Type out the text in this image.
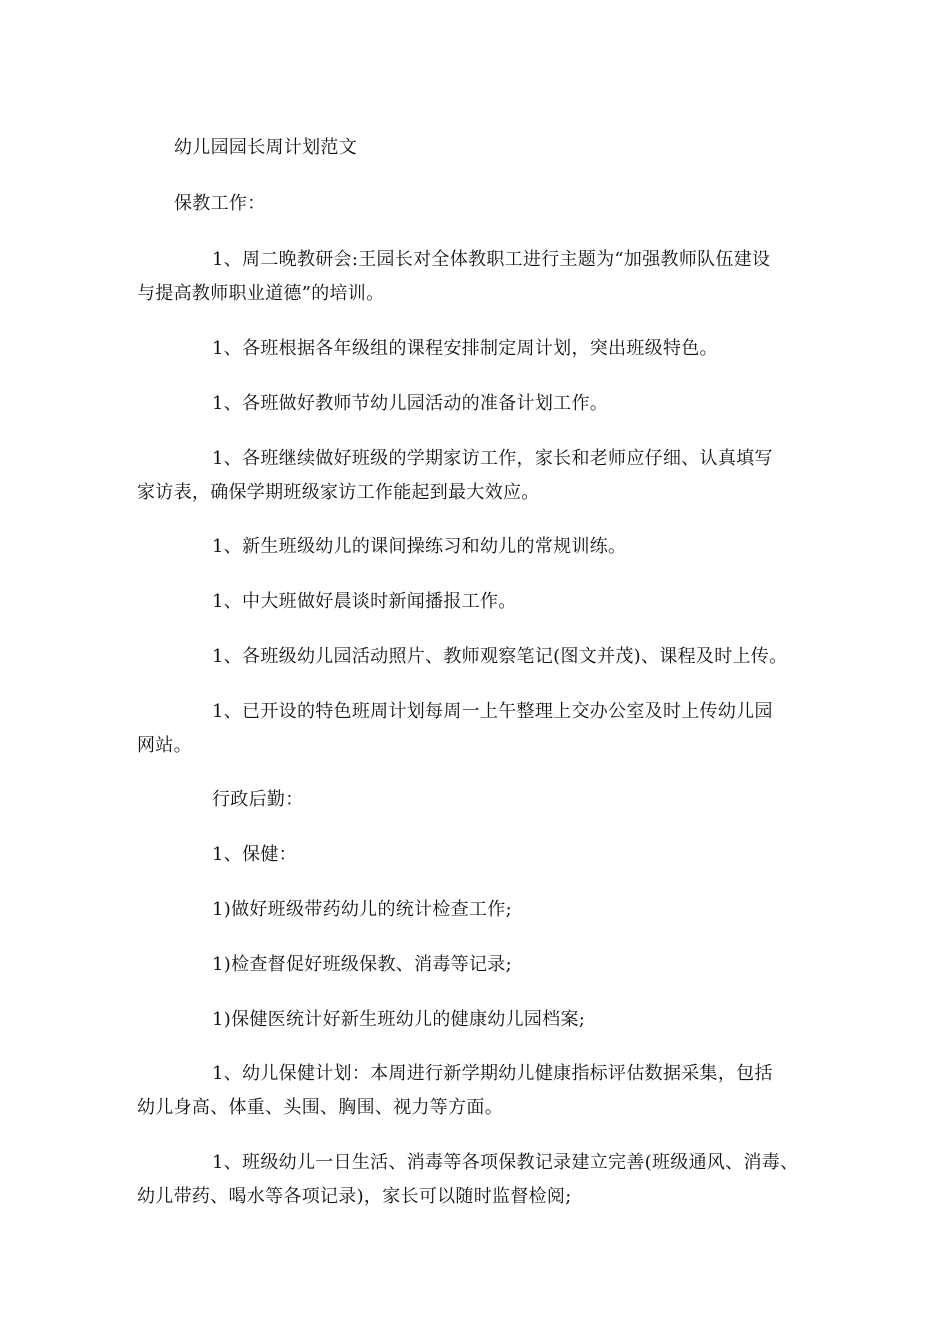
幼儿园园长周计划范文
保教工作：
1、周二晚教研会:王园长对全体教职工进行主题为“加强教师队伍建设
与提高教师职业道德”的培训。
1、各班根据各年级组的课程安排制定周计划，突出班级特色。
1、各班做好教师节幼儿园活动的准备计划工作。
1、各班继续做好班级的学期家访工作，家长和老师应仔细、认真填写
家访表，确保学期班级家访工作能起到最大效应。
1、新生班级幼儿的课间操练习和幼儿的常规训练。
1、中大班做好晨谈时新闻播报工作。
1、各班级幼儿园活动照片、教师观察笔记(图文并茂)、课程及时上传。
1、已开设的特色班周计划每周一上午整理上交办公室及时上传幼儿园
网站。
行政后勤：
1、保健：
1)做好班级带药幼儿的统计检查工作;
1)检查督促好班级保教、消毒等记录;
1)保健医统计好新生班幼儿的健康幼儿园档案;
1、幼儿保健计划：本周进行新学期幼儿健康指标评估数据采集，包括
幼儿身高、体重、头围、胸围、视力等方面。
1、班级幼儿一日生活、消毒等各项保教记录建立完善(班级通风、消毒、
幼儿带药、喝水等各项记录)，家长可以随时监督检阅;
